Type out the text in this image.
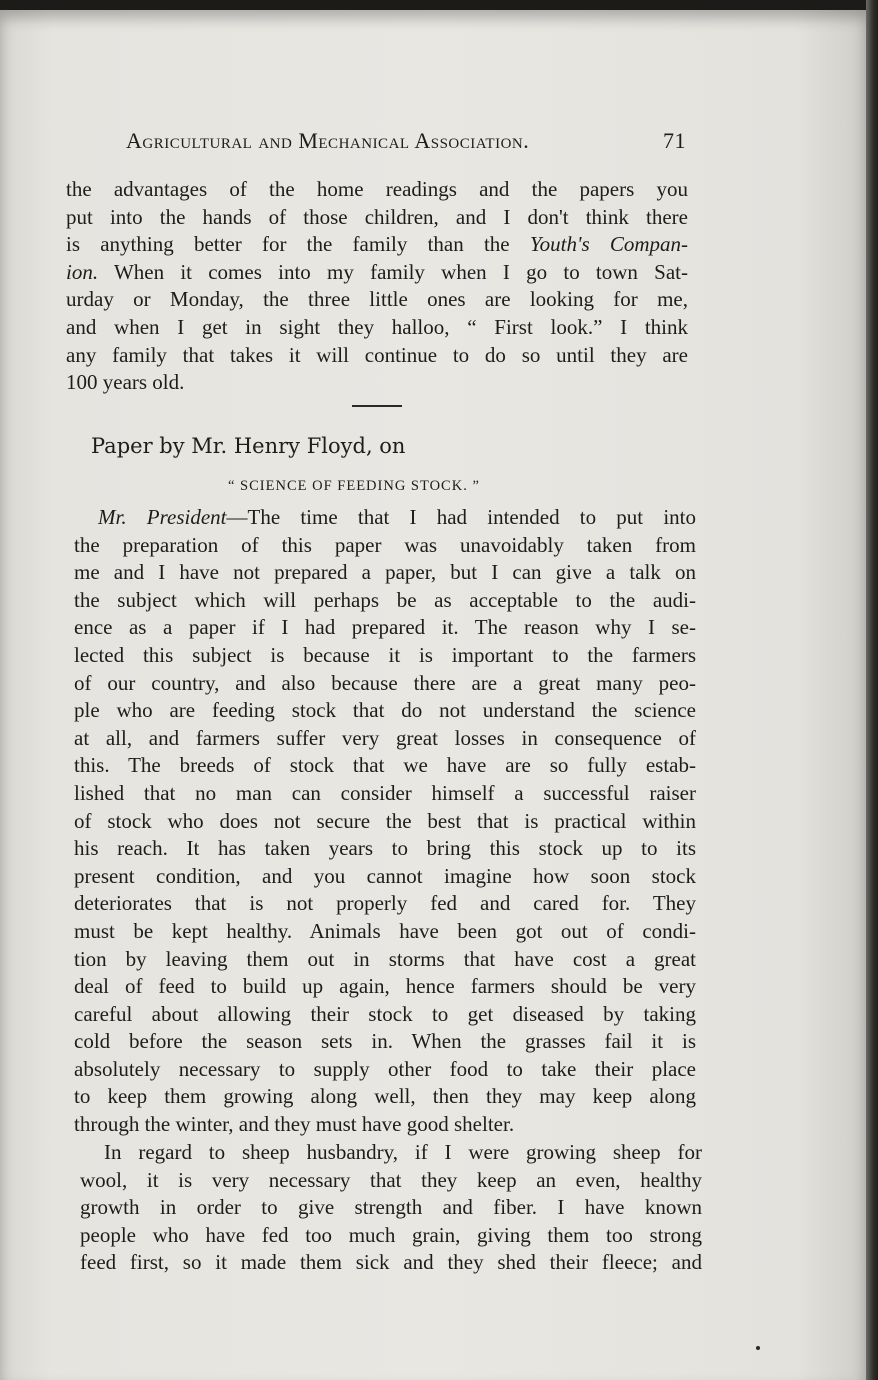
Agricultural and Mechanical Association.	71
the advantages of the home readings and the papers you
put into the hands of those children, and I don't think there
is anything better for the family than the Youth's Compan-
ion. When it comes into my family when I go to town Sat-
urday or Monday, the three little ones are looking for me,
and when I get in sight they halloo, “ First look.” I think
any family that takes it will continue to do so until they are
100 years old.
Paper by Mr. Henry Floyd, on
“ SCIENCE OF FEEDING STOCK. ”
Mr. President—The time that I had intended to put into
the preparation of this paper was unavoidably taken from
me and I have not prepared a paper, but I can give a talk on
the subject which will perhaps be as acceptable to the audi-
ence as a paper if I had prepared it. The reason why I se-
lected this subject is because it is important to the farmers
of our country, and also because there are a great many peo-
ple who are feeding stock that do not understand the science
at all, and farmers suffer very great losses in consequence of
this. The breeds of stock that we have are so fully estab-
lished that no man can consider himself a successful raiser
of stock who does not secure the best that is practical within
his reach. It has taken years to bring this stock up to its
present condition, and you cannot imagine how soon stock
deteriorates that is not properly fed and cared for. They
must be kept healthy. Animals have been got out of condi-
tion by leaving them out in storms that have cost a great
deal of feed to build up again, hence farmers should be very
careful about allowing their stock to get diseased by taking
cold before the season sets in. When the grasses fail it is
absolutely necessary to supply other food to take their place
to keep them growing along well, then they may keep along
through the winter, and they must have good shelter.
In regard to sheep husbandry, if I were growing sheep for
wool, it is very necessary that they keep an even, healthy
growth in order to give strength and fiber. I have known
people who have fed too much grain, giving them too strong
feed first, so it made them sick and they shed their fleece; and
